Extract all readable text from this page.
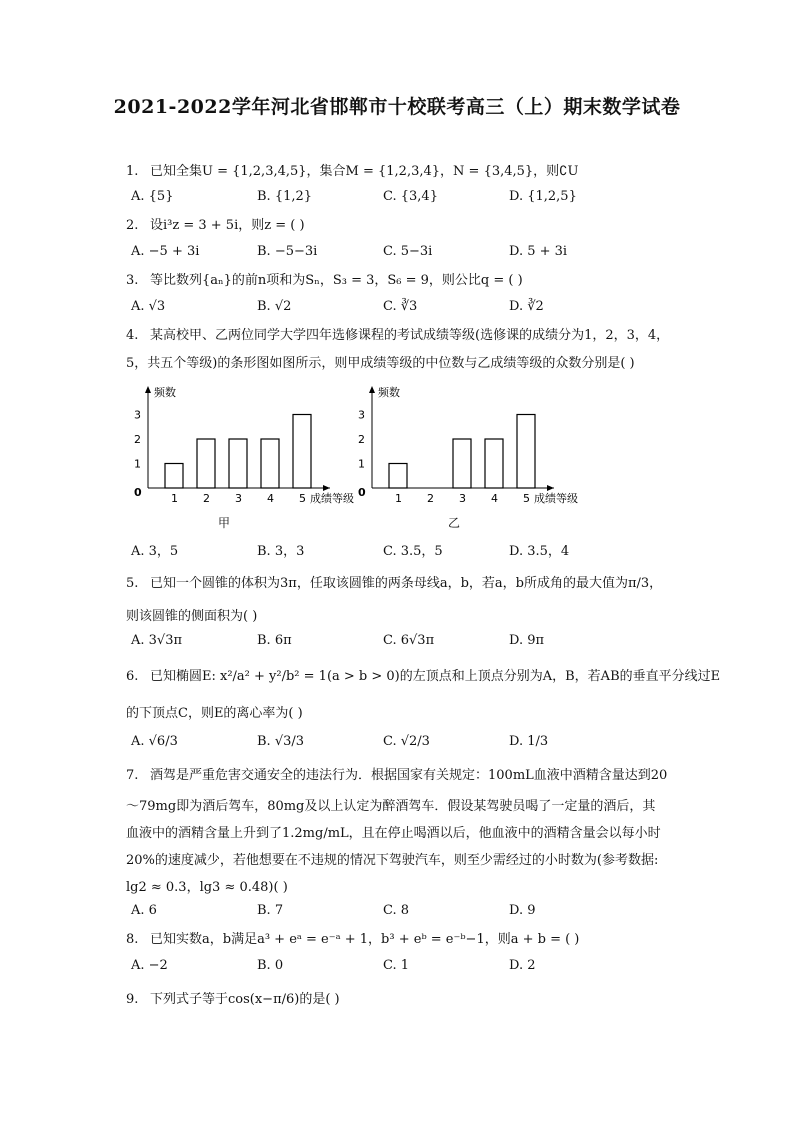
2021-2022学年河北省邯郸市十校联考高三（上）期末数学试卷
1. 已知全集U = {1,2,3,4,5}，集合M = {1,2,3,4}，N = {3,4,5}，则∁U
A. {5}	B. {1,2}	C. {3,4}	D. {1,2,5}
2. 设i³z = 3 + 5i，则z = ( )
A. −5 + 3i	B. −5−3i	C. 5−3i	D. 5 + 3i
3. 等比数列{aₙ}的前n项和为Sₙ，S₃ = 3，S₆ = 9，则公比q = ( )
A. √3	B. √2	C. ∛3	D. ∛2
4. 某高校甲、乙两位同学大学四年选修课程的考试成绩等级(选修课的成绩分为1，2，3，4，
5，共五个等级)的条形图如图所示，则甲成绩等级的中位数与乙成绩等级的众数分别是( )
频数
0
1
2
3
1 2 3 4 5 成绩等级
频数
0
1
2
3
1 2 3 4 5 成绩等级
甲	乙
A. 3，5	B. 3，3	C. 3.5，5	D. 3.5，4
5. 已知一个圆锥的体积为3π，任取该圆锥的两条母线a，b，若a，b所成角的最大值为π/3，
则该圆锥的侧面积为( )
A. 3√3π	B. 6π	C. 6√3π	D. 9π
6. 已知椭圆E: x²/a² + y²/b² = 1(a > b > 0)的左顶点和上顶点分别为A，B，若AB的垂直平分线过E
的下顶点C，则E的离心率为( )
A. √6/3	B. √3/3	C. √2/3	D. 1/3
7. 酒驾是严重危害交通安全的违法行为．根据国家有关规定：100mL血液中酒精含量达到20
～79mg即为酒后驾车，80mg及以上认定为醉酒驾车．假设某驾驶员喝了一定量的酒后，其
血液中的酒精含量上升到了1.2mg/mL，且在停止喝酒以后，他血液中的酒精含量会以每小时
20%的速度减少，若他想要在不违规的情况下驾驶汽车，则至少需经过的小时数为(参考数据:
lg2 ≈ 0.3，lg3 ≈ 0.48)( )
A. 6	B. 7	C. 8	D. 9
8. 已知实数a，b满足a³ + eᵃ = e⁻ᵃ + 1，b³ + eᵇ = e⁻ᵇ−1，则a + b = ( )
A. −2	B. 0	C. 1	D. 2
9. 下列式子等于cos(x−π/6)的是( )
